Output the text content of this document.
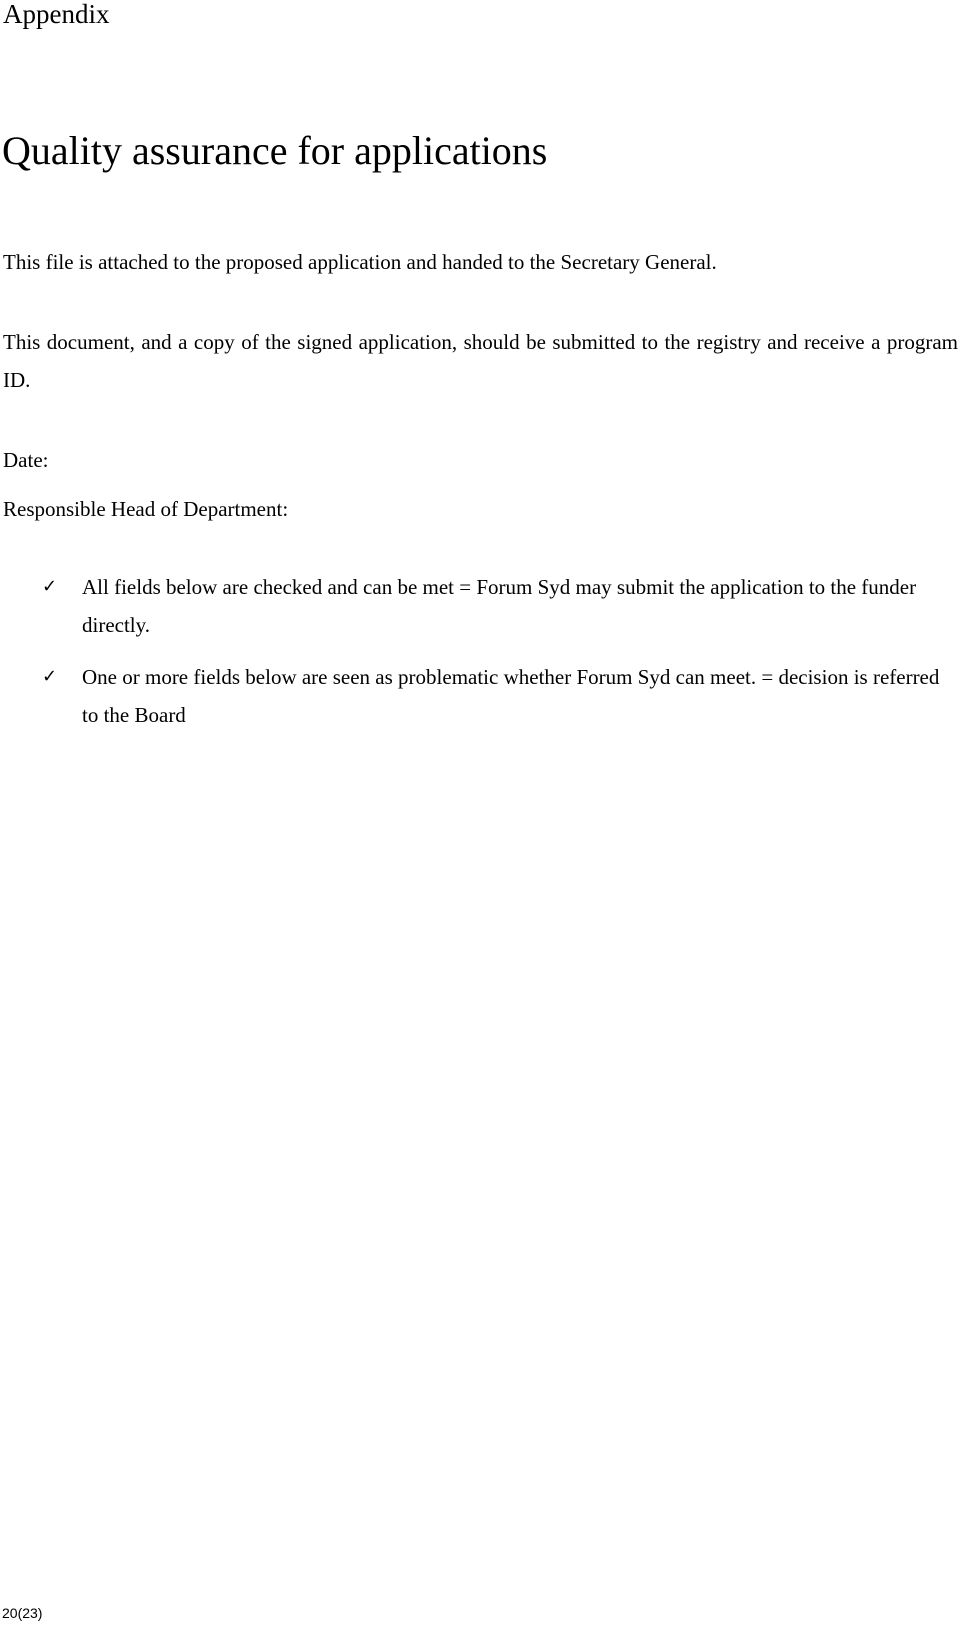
Appendix
Quality assurance for applications

This file is attached to the proposed application and handed to the Secretary General.

This document, and a copy of the signed application, should be submitted to the registry and receive a program ID.

Date:
Responsible Head of Department:
✓ All fields below are checked and can be met = Forum Syd may submit the application to the funder directly.
✓ One or more fields below are seen as problematic whether Forum Syd can meet. = decision is referred to the Board

20(23)
